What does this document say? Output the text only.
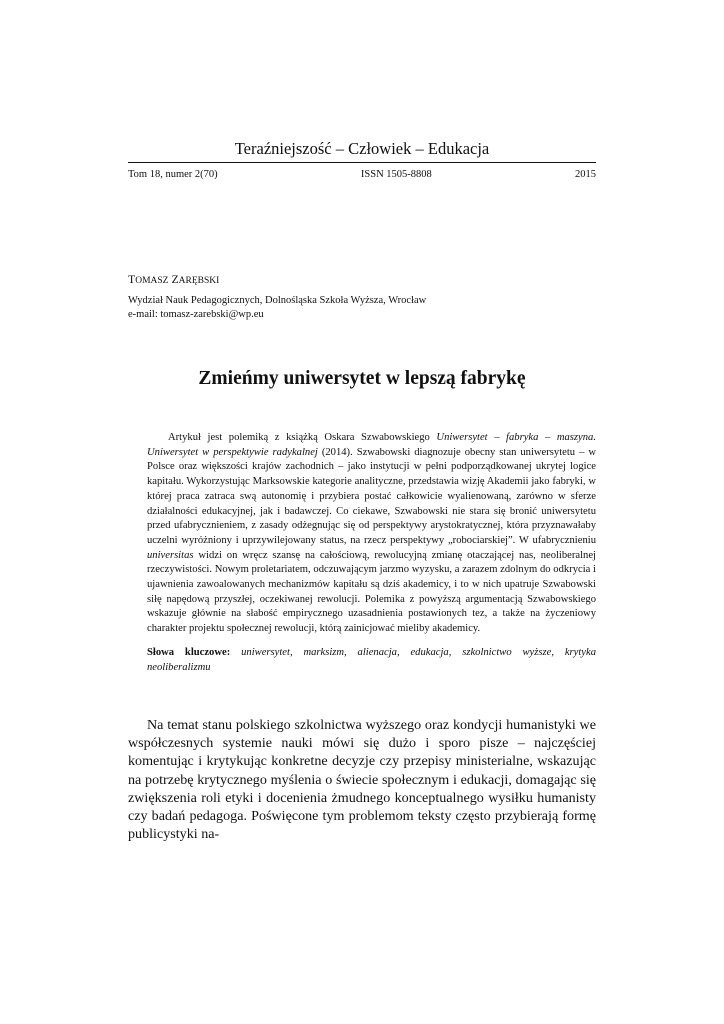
Teraźniejszość – Człowiek – Edukacja
Tom 18, numer 2(70)	ISSN 1505-8808	2015
TOMASZ ZARĘBSKI
Wydział Nauk Pedagogicznych, Dolnośląska Szkoła Wyższa, Wrocław
e-mail: tomasz-zarebski@wp.eu
Zmieńmy uniwersytet w lepszą fabrykę

Artykuł jest polemiką z książką Oskara Szwabowskiego Uniwersytet – fabryka – maszyna. Uniwersytet w perspektywie radykalnej (2014). Szwabowski diagnozuje obecny stan uniwersytetu – w Polsce oraz większości krajów zachodnich – jako instytucji w pełni podporządkowanej ukrytej logice kapitału. Wykorzystując Marksowskie kategorie analityczne, przedstawia wizję Akademii jako fabryki, w której praca zatraca swą autonomię i przybiera postać całkowicie wyalienowaną, zarówno w sferze działalności edukacyjnej, jak i badawczej. Co ciekawe, Szwabowski nie stara się bronić uniwersytetu przed ufabrycznieniem, z zasady odżegnując się od perspektywy arystokratycznej, która przyznawałaby uczelni wyróżniony i uprzywilejowany status, na rzecz perspektywy „robociarskiej”. W ufabrycznieniu universitas widzi on wręcz szansę na całościową, rewolucyjną zmianę otaczającej nas, neoliberalnej rzeczywistości. Nowym proletariatem, odczuwającym jarzmo wyzysku, a zarazem zdolnym do odkrycia i ujawnienia zawoalowanych mechanizmów kapitału są dziś akademicy, i to w nich upatruje Szwabowski siłę napędową przyszłej, oczekiwanej rewolucji. Polemika z powyższą argumentacją Szwabowskiego wskazuje głównie na słabość empirycznego uzasadnienia postawionych tez, a także na życzeniowy charakter projektu społecznej rewolucji, którą zainicjować mieliby akademicy.

Słowa kluczowe: uniwersytet, marksizm, alienacja, edukacja, szkolnictwo wyższe, krytyka neoliberalizmu

Na temat stanu polskiego szkolnictwa wyższego oraz kondycji humanistyki we współczesnych systemie nauki mówi się dużo i sporo pisze – najczęściej komentując i krytykując konkretne decyzje czy przepisy ministerialne, wskazując na potrzebę krytycznego myślenia o świecie społecznym i edukacji, domagając się zwiększenia roli etyki i docenienia żmudnego konceptualnego wysiłku humanisty czy badań pedagoga. Poświęcone tym problemom teksty często przybierają formę publicystyki na-
